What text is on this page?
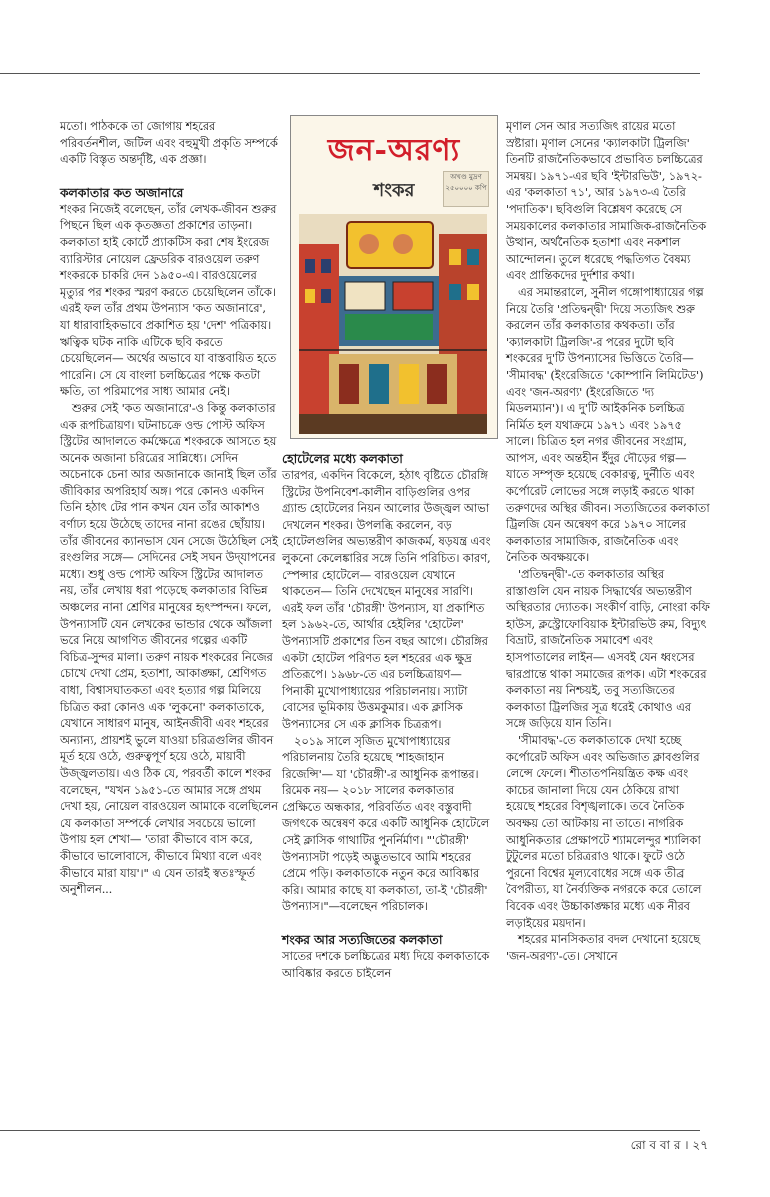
মতো। পাঠককে তা জোগায় শহরের পরিবর্তনশীল, জটিল এবং বহুমুখী প্রকৃতি সম্পর্কে একটি বিস্তৃত অন্তর্দৃষ্টি, এক প্রজ্ঞা।

কলকাতার কত অজানারে

শংকর নিজেই বলেছেন, তাঁর লেখক-জীবন শুরুর পিছনে ছিল এক কৃতজ্ঞতা প্রকাশের তাড়না। কলকাতা হাই কোর্টে প্র্যাকটিস করা শেষ ইংরেজ ব্যারিস্টার নোয়েল ফ্রেডরিক বারওয়েল তরুণ শংকরকে চাকরি দেন ১৯৫০-এ। বারওয়েলের মৃত্যুর পর শংকর স্মরণ করতে চেয়েছিলেন তাঁকে। এরই ফল তাঁর প্রথম উপন্যাস 'কত অজানারে', যা ধারাবাহিকভাবে প্রকাশিত হয় 'দেশ' পত্রিকায়। ঋত্বিক ঘটক নাকি এটিকে ছবি করতে চেয়েছিলেন— অর্থের অভাবে যা বাস্তবায়িত হতে পারেনি। সে যে বাংলা চলচ্চিত্রের পক্ষে কতটা ক্ষতি, তা পরিমাপের সাধ্য আমার নেই।

শুরুর সেই 'কত অজানারে'-ও কিন্তু কলকাতার এক রূপচিত্রায়ণ। ঘটনাচক্রে ওল্ড পোস্ট অফিস স্ট্রিটের আদালতে কর্মক্ষেত্রে শংকরকে আসতে হয় অনেক অজানা চরিত্রের সান্নিধ্যে। সেদিন অচেনাকে চেনা আর অজানাকে জানাই ছিল তাঁর জীবিকার অপরিহার্য অঙ্গ। পরে কোনও একদিন তিনি হঠাৎ টের পান কখন যেন তাঁর আকাশও বর্ণাঢ্য হয়ে উঠেছে তাদের নানা রঙের ছোঁয়ায়। তাঁর জীবনের ক্যানভাস যেন সেজে উঠেছিল সেই রংগুলির সঙ্গে— সেদিনের সেই সঘন উদ্‌যাপনের মধ্যে। শুধু ওল্ড পোস্ট অফিস স্ট্রিটের আদালত নয়, তাঁর লেখায় ধরা পড়েছে কলকাতার বিভিন্ন অঞ্চলের নানা শ্রেণির মানুষের হৃৎস্পন্দন। ফলে, উপন্যাসটি যেন লেখকের ভান্ডার থেকে আঁজলা ভরে নিয়ে আগণিত জীবনের গল্পের একটি বিচিত্র-সুন্দর মালা। তরুণ নায়ক শংকরের নিজের চোখে দেখা প্রেম, হতাশা, আকাঙ্ক্ষা, শ্রেণিগত বাধা, বিশ্বাসঘাতকতা এবং হত্যার গল্প মিলিয়ে চিত্রিত করা কোনও এক 'লুকনো' কলকাতাকে, যেখানে সাধারণ মানুষ, আইনজীবী এবং শহরের অন্যান্য, প্রায়শই ভুলে যাওয়া চরিত্রগুলির জীবন মূর্ত হয়ে ওঠে, গুরুত্বপূর্ণ হয়ে ওঠে, মায়াবী উজ্জ্বলতায়। এও ঠিক যে, পরবর্তী কালে শংকর বলেছেন, "যখন ১৯৫১-তে আমার সঙ্গে প্রথম দেখা হয়, নোয়েল বারওয়েল আমাকে বলেছিলেন যে কলকাতা সম্পর্কে লেখার সবচেয়ে ভালো উপায় হল শেখা— 'তারা কীভাবে বাস করে, কীভাবে ভালোবাসে, কীভাবে মিথ্যা বলে এবং কীভাবে মারা যায়'।" এ যেন তারই স্বতঃস্ফূর্ত অনুশীলন...

জন-অরণ্য
শংকর
অখণ্ড মুদ্রণ
২৫০০০০ কপি
হোটেলের মধ্যে কলকাতা

তারপর, একদিন বিকেলে, হঠাৎ বৃষ্টিতে চৌরঙ্গি স্ট্রিটের উপনিবেশ-কালীন বাড়িগুলির ওপর গ্র্যান্ড হোটেলের নিয়ন আলোর উজ্জ্বল আভা দেখলেন শংকর। উপলব্ধি করলেন, বড় হোটেলগুলির অভ্যন্তরীণ কাজকর্ম, ষড়যন্ত্র এবং লুকনো কেলেঙ্কারির সঙ্গে তিনি পরিচিত। কারণ, স্পেন্সার হোটেলে— বারওয়েল যেখানে থাকতেন— তিনি দেখেছেন মানুষের সারণি। এরই ফল তাঁর 'চৌরঙ্গী' উপন্যাস, যা প্রকাশিত হল ১৯৬২-তে, আর্থার হেইলির 'হোটেল' উপন্যাসটি প্রকাশের তিন বছর আগে। চৌরঙ্গির একটা হোটেল পরিণত হল শহরের এক ক্ষুদ্র প্রতিরূপে। ১৯৬৮-তে এর চলচ্চিত্রায়ণ— পিনাকী মুখোপাধ্যায়ের পরিচালনায়। স্যাটা বোসের ভূমিকায় উত্তমকুমার। এক ক্লাসিক উপন্যাসের সে এক ক্লাসিক চিত্ররূপ।

২০১৯ সালে সৃজিত মুখোপাধ্যায়ের পরিচালনায় তৈরি হয়েছে 'শাহজাহান রিজেন্সি'— যা 'চৌরঙ্গী'-র আধুনিক রূপান্তর। রিমেক নয়— ২০১৮ সালের কলকাতার প্রেক্ষিতে অন্ধকার, পরিবর্তিত এবং বস্তুবাদী জগৎকে অন্বেষণ করে একটি আধুনিক হোটেলে সেই ক্লাসিক গাথাটির পুনর্নির্মাণ। "'চৌরঙ্গী' উপন্যাসটা পড়েই অদ্ভুতভাবে আমি শহরের প্রেমে পড়ি। কলকাতাকে নতুন করে আবিষ্কার করি। আমার কাছে যা কলকাতা, তা-ই 'চৌরঙ্গী' উপন্যাস।"—বলেছেন পরিচালক।

শংকর আর সত্যজিতের কলকাতা

সাতের দশকে চলচ্চিত্রের মধ্য দিয়ে কলকাতাকে আবিষ্কার করতে চাইলেন

মৃণাল সেন আর সত্যজিৎ রায়ের মতো স্রষ্টারা। মৃণাল সেনের 'ক্যালকাটা ট্রিলজি' তিনটি রাজনৈতিকভাবে প্রভাবিত চলচ্চিত্রের সমন্বয়। ১৯৭১-এর ছবি 'ইন্টারভিউ', ১৯৭২-এর 'কলকাতা ৭১', আর ১৯৭৩-এ তৈরি 'পদাতিক'। ছবিগুলি বিশ্লেষণ করেছে সে সময়কালের কলকাতার সামাজিক-রাজনৈতিক উত্থান, অর্থনৈতিক হতাশা এবং নকশাল আন্দোলন। তুলে ধরেছে পদ্ধতিগত বৈষম্য এবং প্রান্তিকদের দুর্দশার কথা।

এর সমান্তরালে, সুনীল গঙ্গোপাধ্যায়ের গল্প নিয়ে তৈরি 'প্রতিদ্বন্দ্বী' দিয়ে সত্যজিৎ শুরু করলেন তাঁর কলকাতার কথকতা। তাঁর 'ক্যালকাটা ট্রিলজি'-র পরের দুটো ছবি শংকরের দু'টি উপন্যাসের ভিত্তিতে তৈরি— 'সীমাবদ্ধ' (ইংরেজিতে 'কোম্পানি লিমিটেড') এবং 'জন-অরণ্য' (ইংরেজিতে 'দ্য মিডলম্যান')। এ দু'টি আইকনিক চলচ্চিত্র নির্মিত হল যথাক্রমে ১৯৭১ এবং ১৯৭৫ সালে। চিত্রিত হল নগর জীবনের সংগ্রাম, আপস, এবং অন্তহীন ইঁদুর দৌড়ের গল্প— যাতে সম্পৃক্ত হয়েছে বেকারত্ব, দুর্নীতি এবং কর্পোরেট লোভের সঙ্গে লড়াই করতে থাকা তরুণদের অস্থির জীবন। সত্যজিতের কলকাতা ট্রিলজি যেন অন্বেষণ করে ১৯৭০ সালের কলকাতার সামাজিক, রাজনৈতিক এবং নৈতিক অবক্ষয়কে।

'প্রতিদ্বন্দ্বী'-তে কলকাতার অস্থির রাস্তাগুলি যেন নায়ক সিদ্ধার্থের অভ্যন্তরীণ অস্থিরতার দ্যোতক। সংকীর্ণ বাড়ি, নোংরা কফি হাউস, ক্লস্ট্রোফোবিয়াক ইন্টারভিউ রুম, বিদ্যুৎ বিভ্রাট, রাজনৈতিক সমাবেশ এবং হাসপাতালের লাইন— এসবই যেন ধ্বংসের দ্বারপ্রান্তে থাকা সমাজের রূপক। এটা শংকরের কলকাতা নয় নিশ্চয়ই, তবু সত্যজিতের কলকাতা ট্রিলজির সূত্র ধরেই কোথাও এর সঙ্গে জড়িয়ে যান তিনি।

'সীমাবদ্ধ'-তে কলকাতাকে দেখা হচ্ছে কর্পোরেট অফিস এবং অভিজাত ক্লাবগুলির লেন্সে ফেলে। শীতাতপনিয়ন্ত্রিত কক্ষ এবং কাচের জানালা দিয়ে যেন ঠেকিয়ে রাখা হয়েছে শহরের বিশৃঙ্খলাকে। তবে নৈতিক অবক্ষয় তো আটকায় না তাতে। নাগরিক আধুনিকতার প্রেক্ষাপটে শ্যামলেন্দুর শ্যালিকা টুটুলের মতো চরিত্ররাও থাকে। ফুটে ওঠে পুরনো বিশ্বের মূল্যবোধের সঙ্গে এক তীব্র বৈপরীত্য, যা নৈর্ব্যক্তিক নগরকে করে তোলে বিবেক এবং উচ্চাকাঙ্ক্ষার মধ্যে এক নীরব লড়াইয়ের ময়দান।

শহরের মানসিকতার বদল দেখানো হয়েছে 'জন-অরণ্য'-তে। সেখানে

রো ব বা র । ২৭
